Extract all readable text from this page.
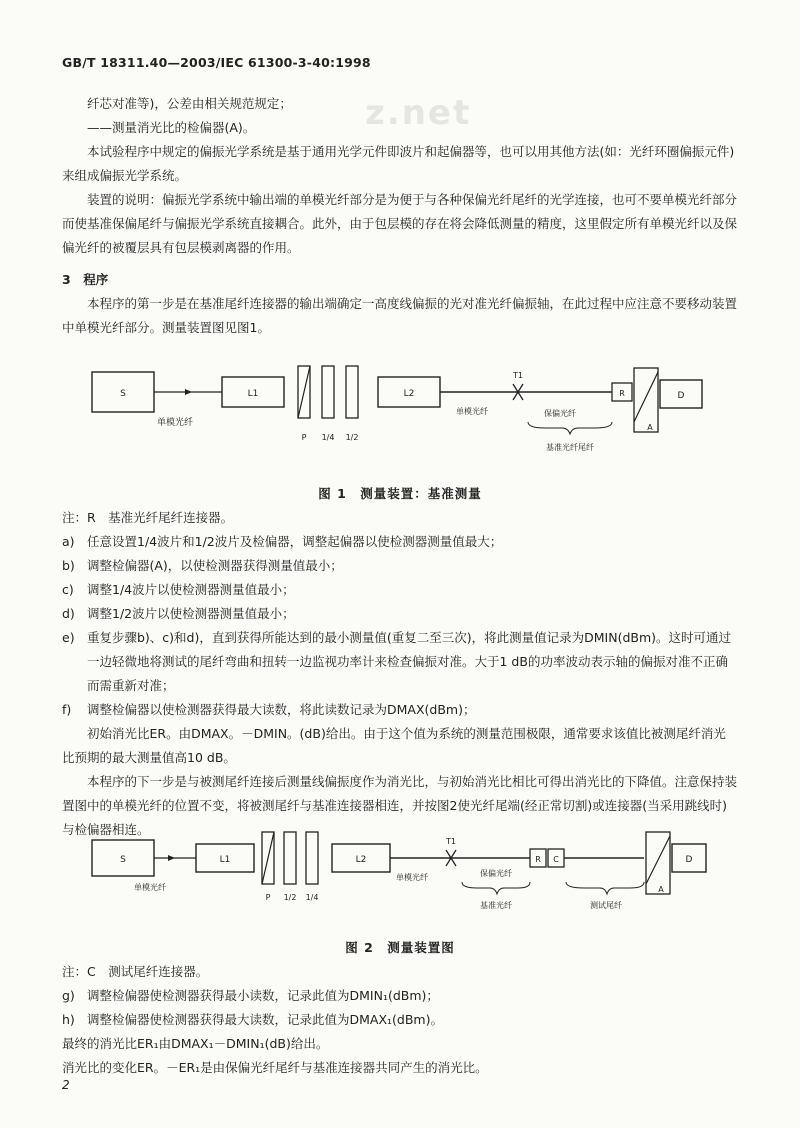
GB/T 18311.40—2003/IEC 61300-3-40:1998
z.net

纤芯对准等)，公差由相关规范规定；

——测量消光比的检偏器(A)。

本试验程序中规定的偏振光学系统是基于通用光学元件即波片和起偏器等，也可以用其他方法(如：光纤环圈偏振元件)来组成偏振光学系统。

装置的说明：偏振光学系统中输出端的单模光纤部分是为便于与各种保偏光纤尾纤的光学连接，也可不要单模光纤部分而使基准保偏尾纤与偏振光学系统直接耦合。此外，由于包层模的存在将会降低测量的精度，这里假定所有单模光纤以及保偏光纤的被覆层具有包层模剥离器的作用。

3　程序

本程序的第一步是在基准尾纤连接器的输出端确定一高度线偏振的光对准光纤偏振轴，在此过程中应注意不要移动装置中单模光纤部分。测量装置图见图1。

S
单模光纤
L1
P 1/4 1/2
L2
T1
单模光纤	保偏光纤
基准光纤尾纤
R
A
D
图 1　测量装置：基准测量

注：R　基准光纤尾纤连接器。

a) 任意设置1/4波片和1/2波片及检偏器，调整起偏器以使检测器测量值最大；
b) 调整检偏器(A)，以使检测器获得测量值最小；
c)	调整1/4波片以使检测器测量值最小；
d) 调整1/2波片以使检测器测量值最小；
e) 重复步骤b)、c)和d)，直到获得所能达到的最小测量值(重复二至三次)，将此测量值记录为DMIN(dBm)。这时可通过一边轻微地将测试的尾纤弯曲和扭转一边监视功率计来检查偏振对准。大于1 dB的功率波动表示轴的偏振对准不正确而需重新对准；
f)	调整检偏器以使检测器获得最大读数，将此读数记录为DMAX(dBm)；

初始消光比ER。由DMAX。－DMIN。(dB)给出。由于这个值为系统的测量范围极限，通常要求该值比被测尾纤消光比预期的最大测量值高10 dB。

本程序的下一步是与被测尾纤连接后测量线偏振度作为消光比，与初始消光比相比可得出消光比的下降值。注意保持装置图中的单模光纤的位置不变，将被测尾纤与基准连接器相连，并按图2使光纤尾端(经正常切割)或连接器(当采用跳线时)与检偏器相连。

S
单模光纤
L1
P 1/2 1/4
L2
T1
单模光纤	保偏光纤
基准光纤
R C
测试尾纤
A
D
图 2　测量装置图

注：C　测试尾纤连接器。

g) 调整检偏器使检测器获得最小读数，记录此值为DMIN₁(dBm)；
h) 调整检偏器使检测器获得最大读数，记录此值为DMAX₁(dBm)。

最终的消光比ER₁由DMAX₁－DMIN₁(dB)给出。

消光比的变化ER。－ER₁是由保偏光纤尾纤与基准连接器共同产生的消光比。

2
